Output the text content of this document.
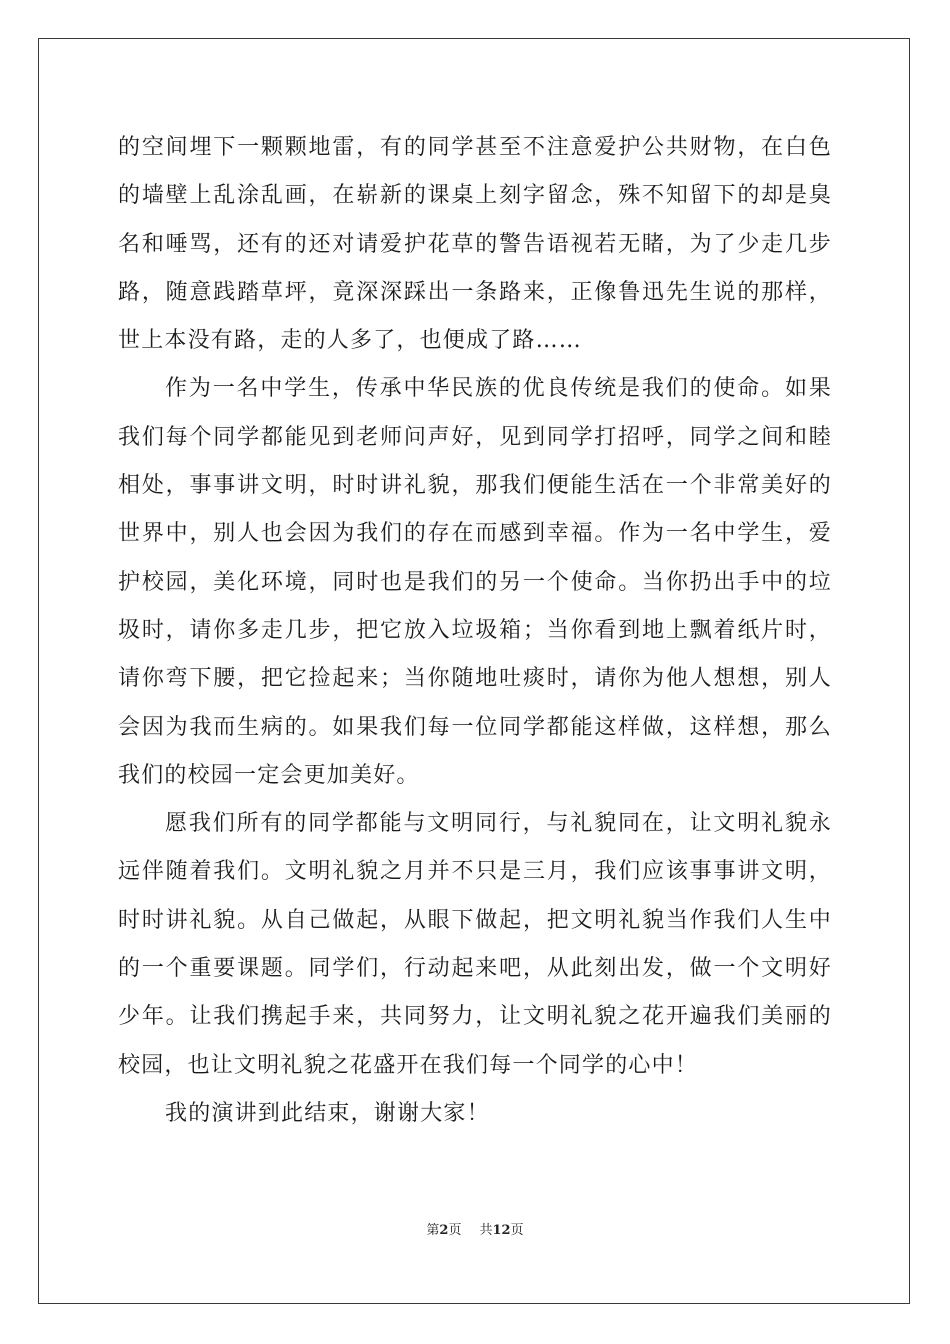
的空间埋下一颗颗地雷，有的同学甚至不注意爱护公共财物，在白色的墙壁上乱涂乱画，在崭新的课桌上刻字留念，殊不知留下的却是臭名和唾骂，还有的还对请爱护花草的警告语视若无睹，为了少走几步路，随意践踏草坪，竟深深踩出一条路来，正像鲁迅先生说的那样，世上本没有路，走的人多了，也便成了路……

作为一名中学生，传承中华民族的优良传统是我们的使命。如果我们每个同学都能见到老师问声好，见到同学打招呼，同学之间和睦相处，事事讲文明，时时讲礼貌，那我们便能生活在一个非常美好的世界中，别人也会因为我们的存在而感到幸福。作为一名中学生，爱护校园，美化环境，同时也是我们的另一个使命。当你扔出手中的垃圾时，请你多走几步，把它放入垃圾箱；当你看到地上飘着纸片时，请你弯下腰，把它捡起来；当你随地吐痰时，请你为他人想想，别人会因为我而生病的。如果我们每一位同学都能这样做，这样想，那么我们的校园一定会更加美好。

愿我们所有的同学都能与文明同行，与礼貌同在，让文明礼貌永远伴随着我们。文明礼貌之月并不只是三月，我们应该事事讲文明，时时讲礼貌。从自己做起，从眼下做起，把文明礼貌当作我们人生中的一个重要课题。同学们，行动起来吧，从此刻出发，做一个文明好少年。让我们携起手来，共同努力，让文明礼貌之花开遍我们美丽的校园，也让文明礼貌之花盛开在我们每一个同学的心中！

我的演讲到此结束，谢谢大家！

第2页 共12页
